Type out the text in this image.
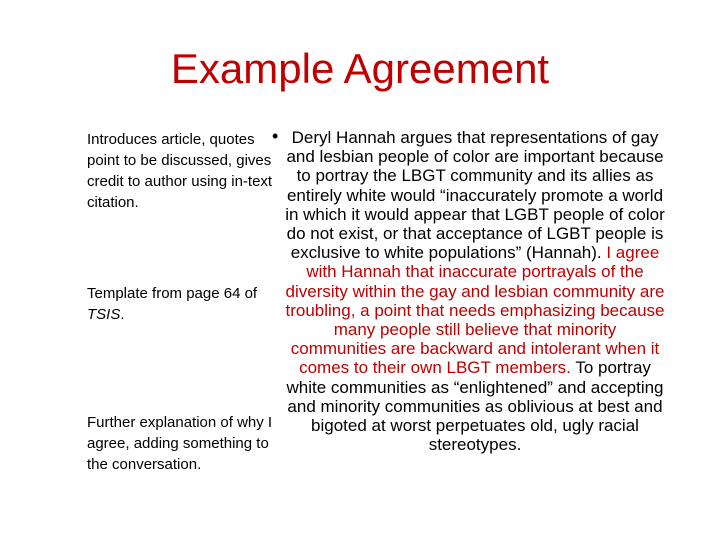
Example Agreement

Introduces article, quotes point to be discussed, gives credit to author using in-text citation.

Template from page 64 of TSIS.

Further explanation of why I agree, adding something to the conversation.

• Deryl Hannah argues that representations of gay and lesbian people of color are important because to portray the LBGT community and its allies as entirely white would “inaccurately promote a world in which it would appear that LGBT people of color do not exist, or that acceptance of LGBT people is exclusive to white populations” (Hannah). I agree with Hannah that inaccurate portrayals of the diversity within the gay and lesbian community are troubling, a point that needs emphasizing because many people still believe that minority communities are backward and intolerant when it comes to their own LBGT members. To portray white communities as “enlightened” and accepting and minority communities as oblivious at best and bigoted at worst perpetuates old, ugly racial stereotypes.
